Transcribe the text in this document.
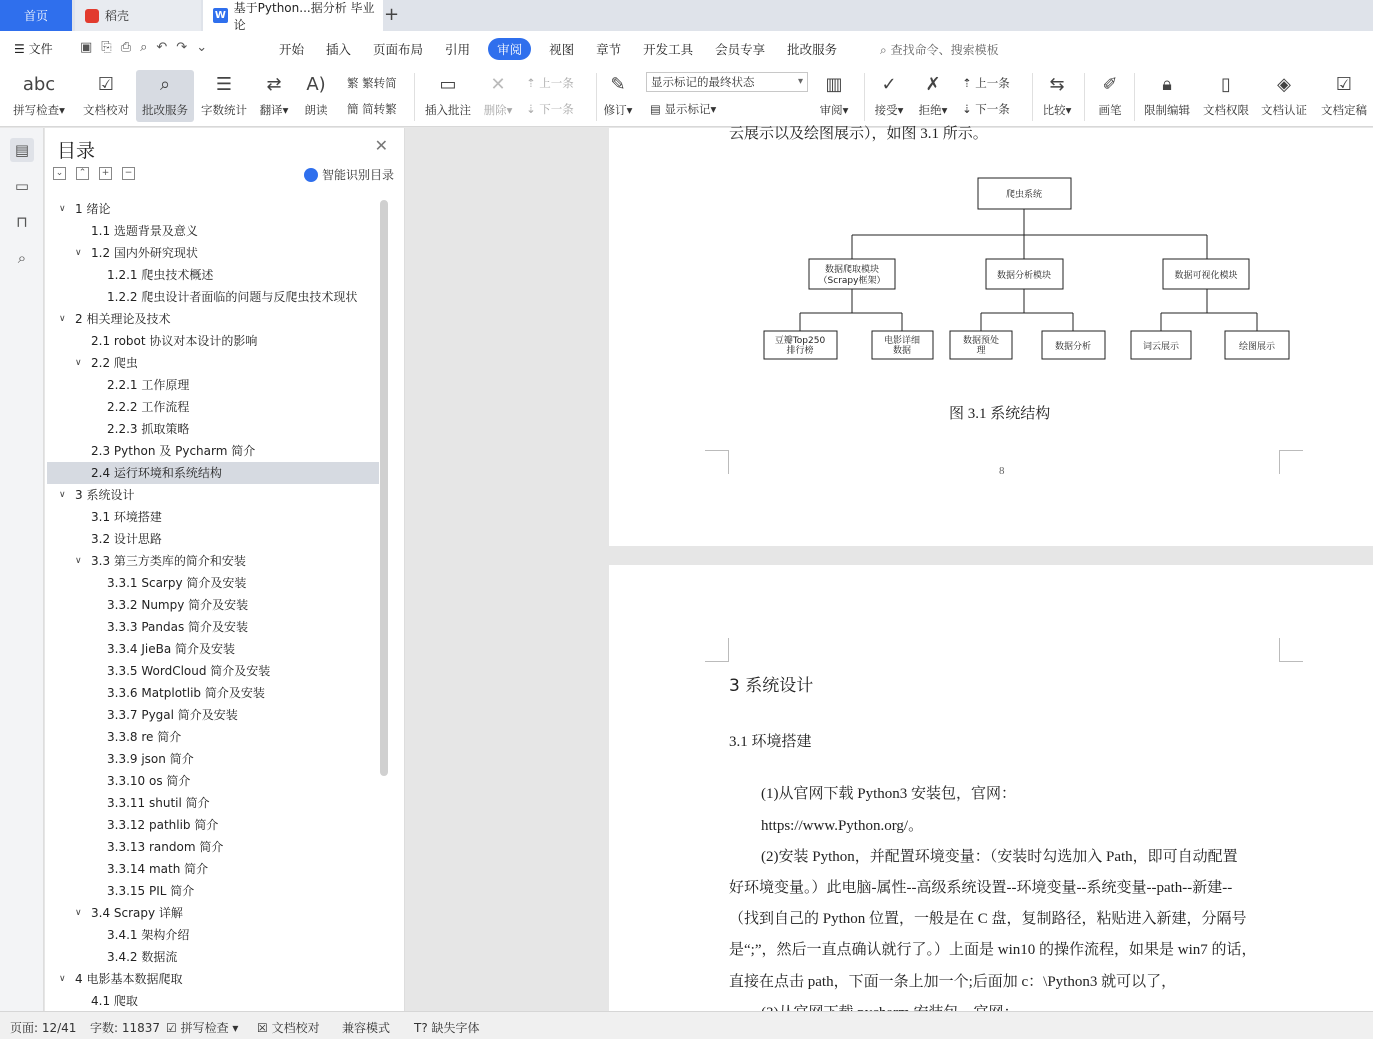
首页	稻壳	W
基于Python...据分析 毕业论	+
☰ 文件 ▣ ⎘ ⎙ ⌕ ↶ ↷ ⌄	开始 插入 页面布局 引用	审阅	视图 章节 开发工具 会员专享 批改服务	⌕ 查找命令、搜索模板
abc
拼写检查▾
☑
文档校对
⌕
批改服务
☰
字数统计
⇄
翻译▾
A)
朗读
繁
繁转简
簡
简转繁
▭
插入批注
✕
删除▾
⇡
上一条
⇣
下一条
✎
修订▾
显示标记的最终状态 ▾
▤
显示标记 ▾
▥
审阅▾
✓
接受▾
✗
拒绝▾
⇡
上一条
⇣
下一条
⇆
比较▾
✐
画笔
🔒︎
限制编辑
▯
文档权限
◈
文档认证
☑
文档定稿
▤
▭
⊓
⌕
目录	✕
⌄	⌃	+	−	智能识别目录
∨ 1 绪论
1.1 选题背景及意义
∨ 1.2 国内外研究现状
1.2.1 爬虫技术概述
1.2.2 爬虫设计者面临的问题与反爬虫技术现状
∨ 2 相关理论及技术
2.1 robot 协议对本设计的影响
∨ 2.2 爬虫
2.2.1 工作原理
2.2.2 工作流程
2.2.3 抓取策略
2.3 Python 及 Pycharm 简介
2.4 运行环境和系统结构
∨ 3 系统设计
3.1 环境搭建
3.2 设计思路
∨ 3.3 第三方类库的简介和安装
3.3.1 Scarpy 简介及安装
3.3.2 Numpy 简介及安装
3.3.3 Pandas 简介及安装
3.3.4 JieBa 简介及安装
3.3.5 WordCloud 简介及安装
3.3.6 Matplotlib 简介及安装
3.3.7 Pygal 简介及安装
3.3.8 re 简介
3.3.9 json 简介
3.3.10 os 简介
3.3.11 shutil 简介
3.3.12 pathlib 简介
3.3.13 random 简介
3.3.14 math 简介
3.3.15 PIL 简介
∨ 3.4 Scrapy 详解
3.4.1 架构介绍
3.4.2 数据流
∨ 4 电影基本数据爬取
4.1 爬取
云展示以及绘图展示），如图 3.1 所示。
爬虫系统
数据爬取模块
（Scrapy框架）	数据分析模块	数据可视化模块
豆瓣Top250
排行榜
电影详细
数据
数据预处
理	数据分析	词云展示	绘图展示
图 3.1 系统结构
8
3 系统设计
3.1 环境搭建
(1)从官网下载 Python3 安装包，官网：
https://www.Python.org/。
(2)安装 Python，并配置环境变量：（安装时勾选加入 Path，即可自动配置
好环境变量。）此电脑-属性--高级系统设置--环境变量--系统变量--path--新建--
（找到自己的 Python 位置，一般是在 C 盘，复制路径，粘贴进入新建，分隔号
是“;”，然后一直点确认就行了。）上面是 win10 的操作流程，如果是 win7 的话，
直接在点击 path，下面一条上加一个;后面加 c：\Python3 就可以了，
页面: 12/41 字数: 11837 ☑ 拼写检查 ▾ ☒ 文档校对 兼容模式 T? 缺失字体
